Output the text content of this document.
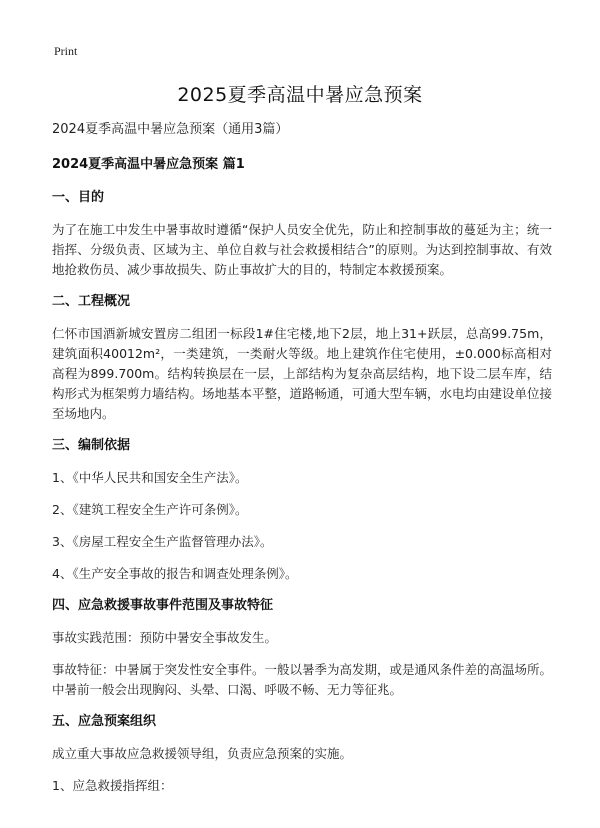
Print
2025夏季高温中暑应急预案

2024夏季高温中暑应急预案（通用3篇）

2024夏季高温中暑应急预案 篇1

一、目的

为了在施工中发生中暑事故时遵循“保护人员安全优先，防止和控制事故的蔓延为主；统一指挥、分级负责、区域为主、单位自救与社会救援相结合”的原则。为达到控制事故、有效地抢救伤员、减少事故损失、防止事故扩大的目的，特制定本救援预案。

二、工程概况

仁怀市国酒新城安置房二组团一标段1#住宅楼,地下2层，地上31+跃层，总高99.75m，建筑面积40012m²，一类建筑，一类耐火等级。地上建筑作住宅使用，±0.000标高相对高程为899.700m。结构转换层在一层，上部结构为复杂高层结构，地下设二层车库，结构形式为框架剪力墙结构。场地基本平整，道路畅通，可通大型车辆，水电均由建设单位接至场地内。

三、编制依据

1、《中华人民共和国安全生产法》。

2、《建筑工程安全生产许可条例》。

3、《房屋工程安全生产监督管理办法》。

4、《生产安全事故的报告和调查处理条例》。

四、应急救援事故事件范围及事故特征

事故实践范围：预防中暑安全事故发生。

事故特征：中暑属于突发性安全事件。一般以暑季为高发期，或是通风条件差的高温场所。中暑前一般会出现胸闷、头晕、口渴、呼吸不畅、无力等征兆。

五、应急预案组织

成立重大事故应急救援领导组，负责应急预案的实施。

1、应急救援指挥组：
